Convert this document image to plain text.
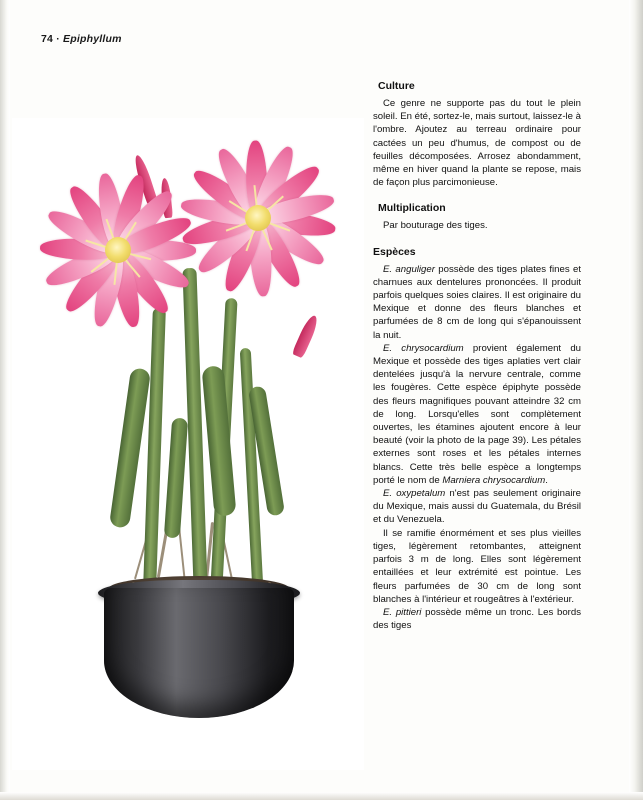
74 · Epiphyllum
Culture

Ce genre ne supporte pas du tout le plein soleil. En été, sortez-le, mais surtout, laissez-le à l'ombre. Ajoutez au terreau ordinaire pour cactées un peu d'humus, de compost ou de feuilles décomposées. Arrosez abondamment, même en hiver quand la plante se repose, mais de façon plus parcimonieuse.

Multiplication

Par bouturage des tiges.

Espèces

E. anguliger possède des tiges plates fines et charnues aux dentelures prononcées. Il produit parfois quelques soies claires. Il est originaire du Mexique et donne des fleurs blanches et parfumées de 8 cm de long qui s'épanouissent la nuit.

E. chrysocardium provient également du Mexique et possède des tiges aplaties vert clair dentelées jusqu'à la nervure centrale, comme les fougères. Cette espèce épiphyte possède des fleurs magnifiques pouvant atteindre 32 cm de long. Lorsqu'elles sont complètement ouvertes, les étamines ajoutent encore à leur beauté (voir la photo de la page 39). Les pétales externes sont roses et les pétales internes blancs. Cette très belle espèce a longtemps porté le nom de Marniera chrysocardium.

E. oxypetalum n'est pas seulement originaire du Mexique, mais aussi du Guatemala, du Brésil et du Venezuela.

Il se ramifie énormément et ses plus vieilles tiges, légèrement retombantes, atteignent parfois 3 m de long. Elles sont légèrement entaillées et leur extrémité est pointue. Les fleurs parfumées de 30 cm de long sont blanches à l'intérieur et rougeâtres à l'extérieur.

E. pittieri possède même un tronc. Les bords des tiges
